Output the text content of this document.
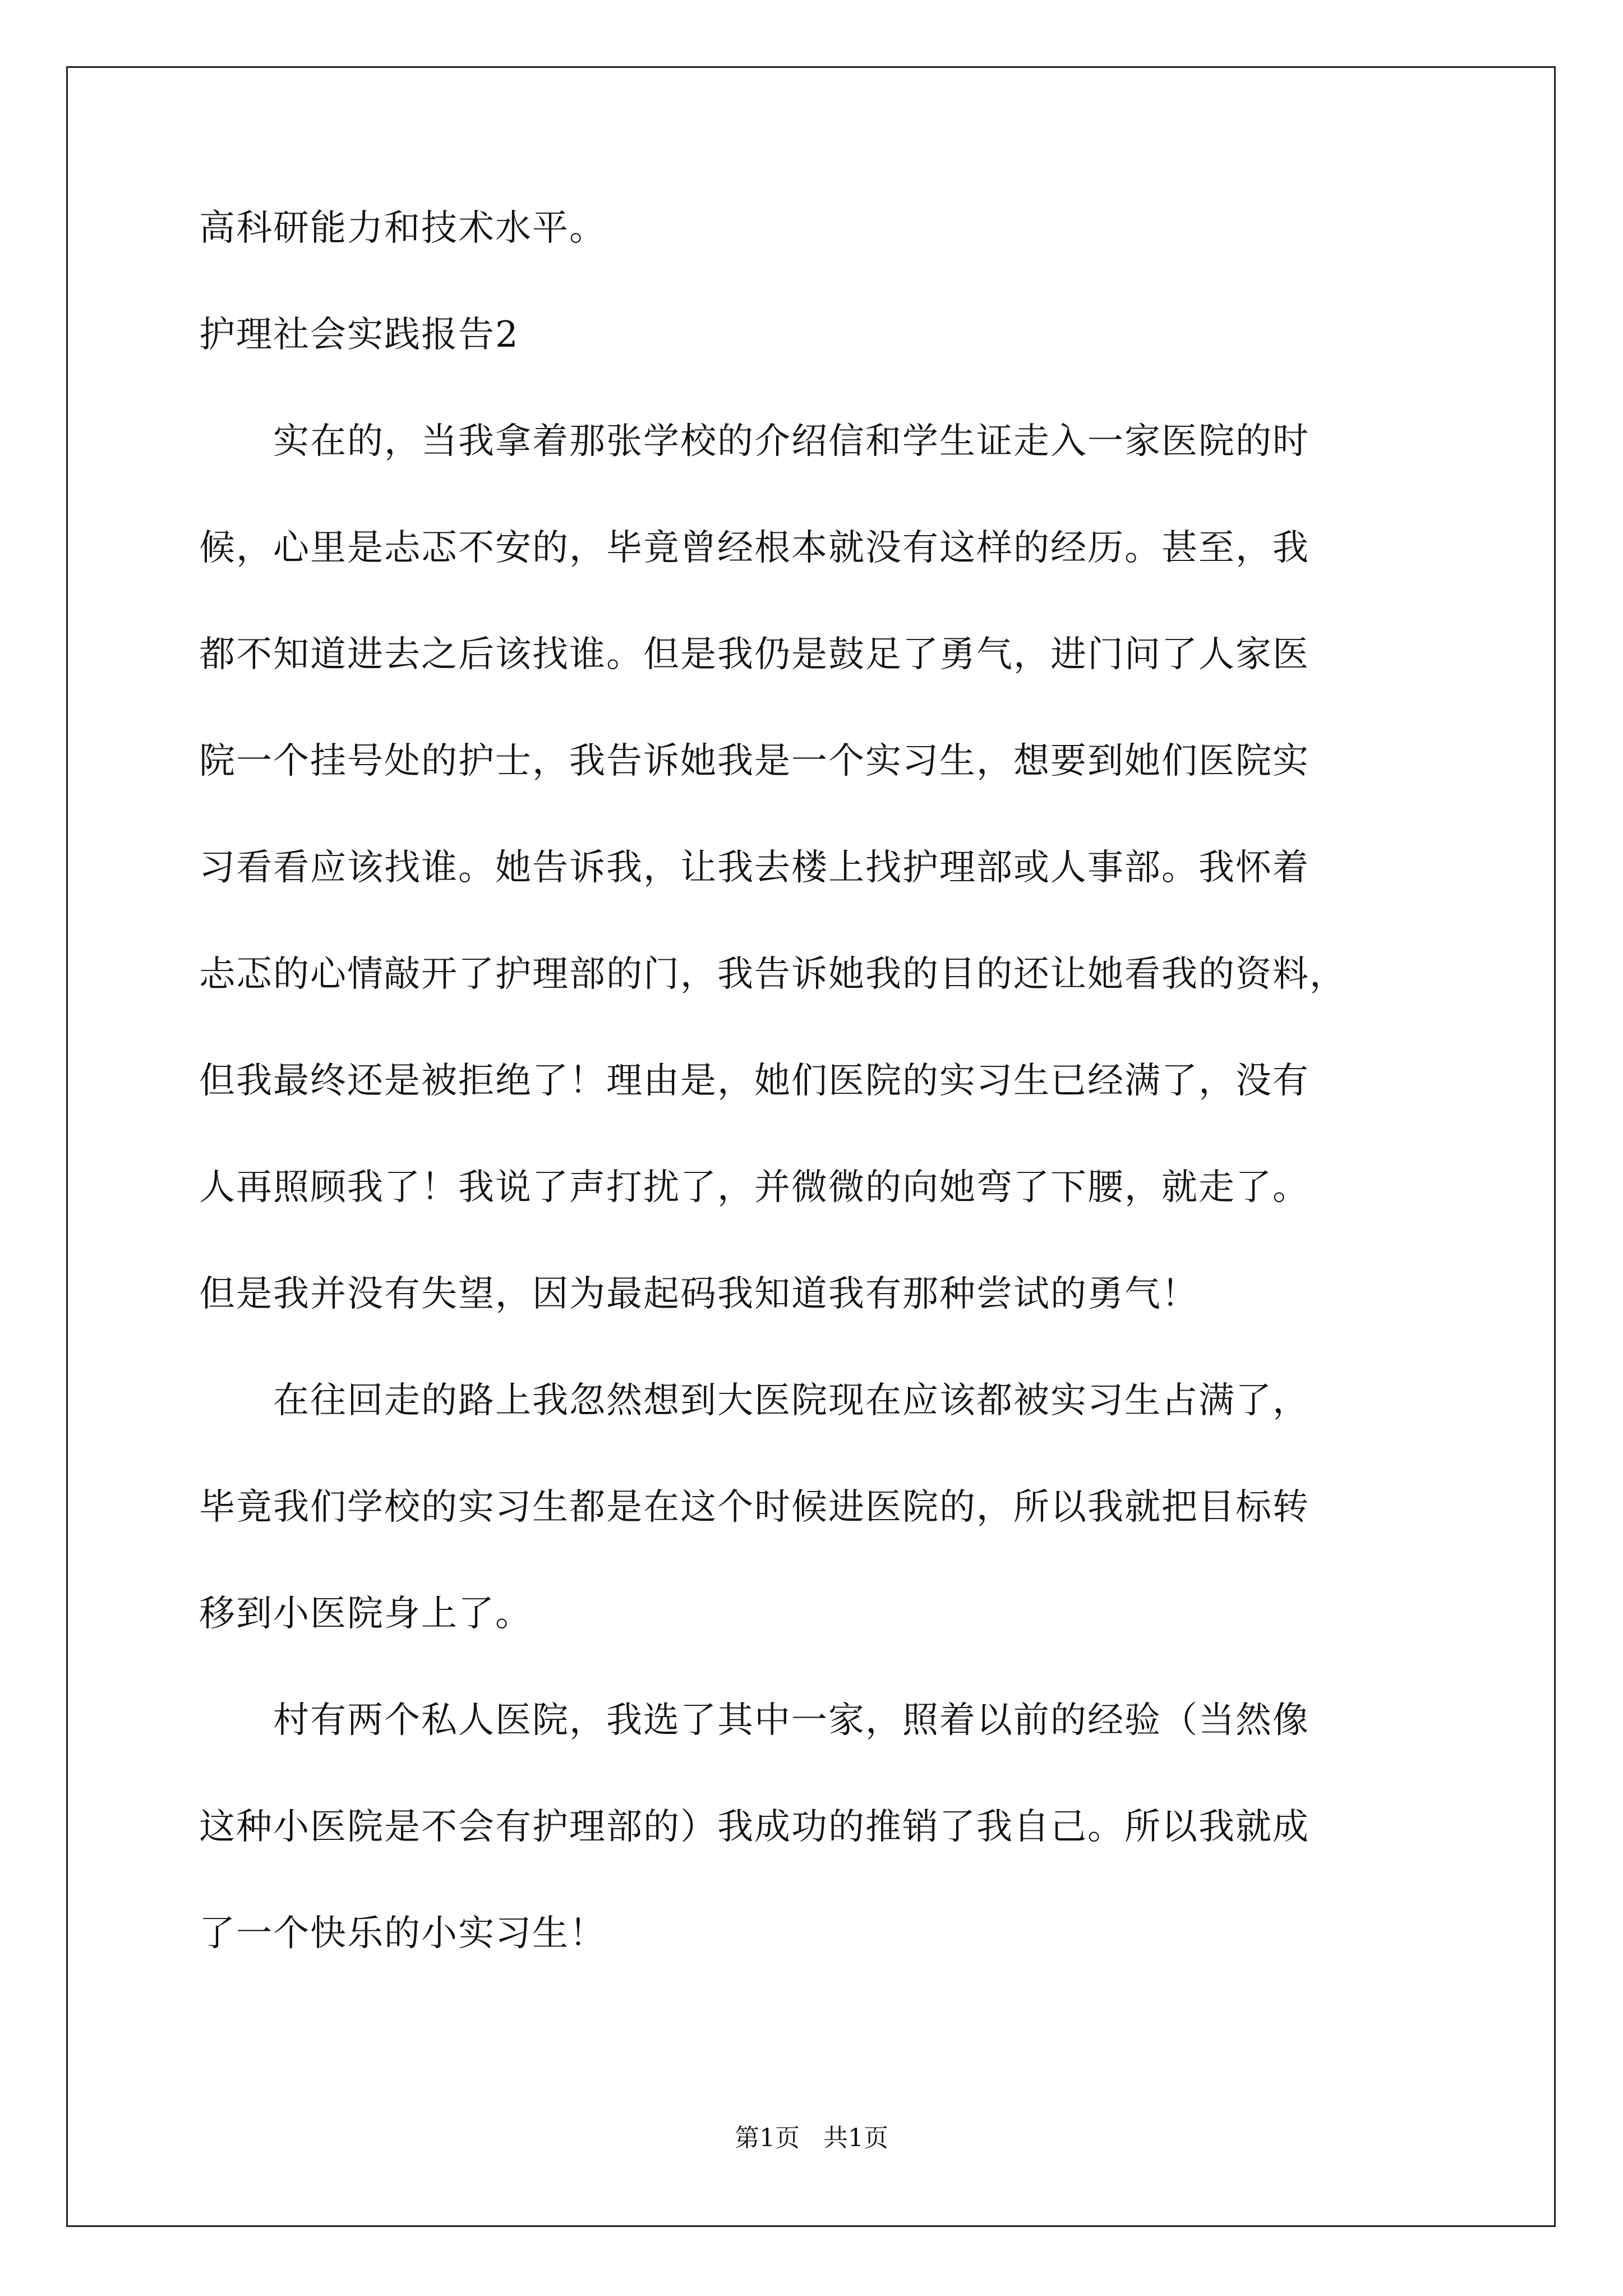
高科研能力和技术水平。
护理社会实践报告2
实在的，当我拿着那张学校的介绍信和学生证走入一家医院的时
候，心里是忐忑不安的，毕竟曾经根本就没有这样的经历。甚至，我
都不知道进去之后该找谁。但是我仍是鼓足了勇气，进门问了人家医
院一个挂号处的护士，我告诉她我是一个实习生，想要到她们医院实
习看看应该找谁。她告诉我，让我去楼上找护理部或人事部。我怀着
忐忑的心情敲开了护理部的门，我告诉她我的目的还让她看我的资料，
但我最终还是被拒绝了！理由是，她们医院的实习生已经满了，没有
人再照顾我了！我说了声打扰了，并微微的向她弯了下腰，就走了。
但是我并没有失望，因为最起码我知道我有那种尝试的勇气！
在往回走的路上我忽然想到大医院现在应该都被实习生占满了，
毕竟我们学校的实习生都是在这个时候进医院的，所以我就把目标转
移到小医院身上了。
村有两个私人医院，我选了其中一家，照着以前的经验（当然像
这种小医院是不会有护理部的）我成功的推销了我自己。所以我就成
了一个快乐的小实习生！
第1页 共1页
